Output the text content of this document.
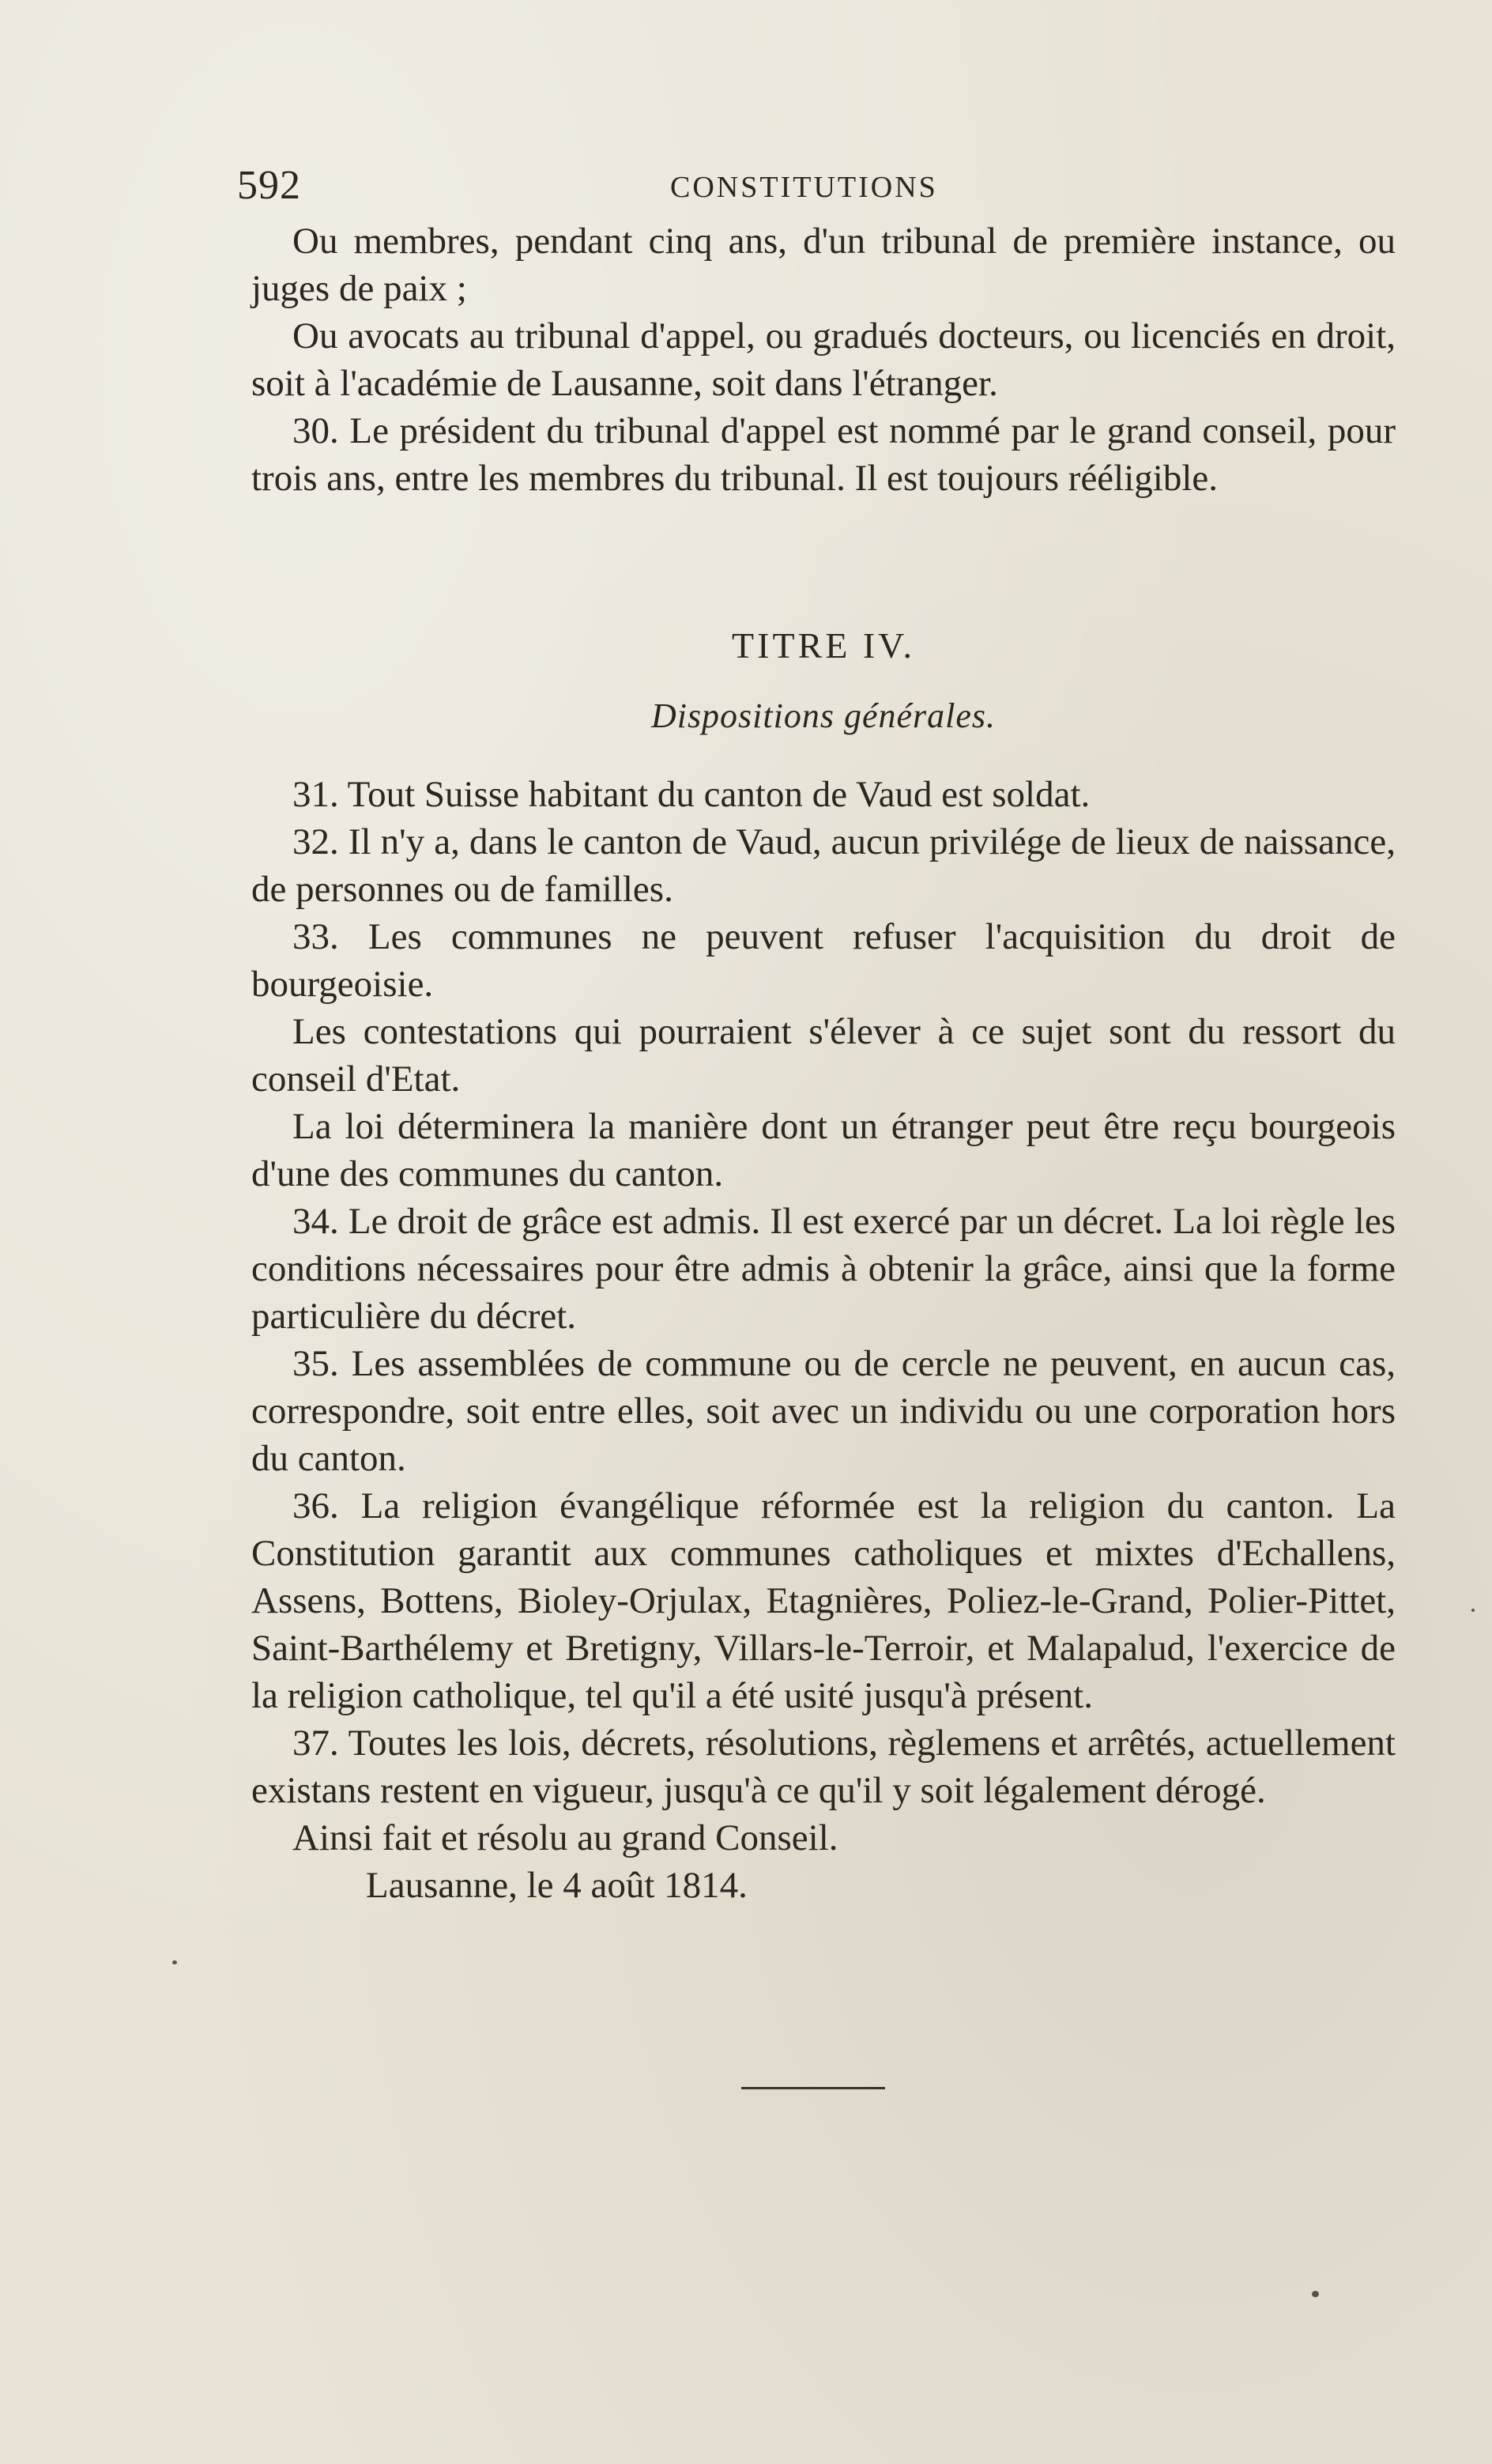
592	CONSTITUTIONS

Ou membres, pendant cinq ans, d'un tribunal de première instance, ou juges de paix ;

Ou avocats au tribunal d'appel, ou gradués docteurs, ou licenciés en droit, soit à l'académie de Lausanne, soit dans l'étranger.

30. Le président du tribunal d'appel est nommé par le grand conseil, pour trois ans, entre les membres du tribunal. Il est toujours rééligible.

TITRE IV.
Dispositions générales.

31. Tout Suisse habitant du canton de Vaud est soldat.

32. Il n'y a, dans le canton de Vaud, aucun privilége de lieux de naissance, de personnes ou de familles.

33. Les communes ne peuvent refuser l'acquisition du droit de bourgeoisie.

Les contestations qui pourraient s'élever à ce sujet sont du ressort du conseil d'Etat.

La loi déterminera la manière dont un étranger peut être reçu bourgeois d'une des communes du canton.

34. Le droit de grâce est admis. Il est exercé par un décret. La loi règle les conditions nécessaires pour être admis à obtenir la grâce, ainsi que la forme particulière du décret.

35. Les assemblées de commune ou de cercle ne peuvent, en aucun cas, correspondre, soit entre elles, soit avec un individu ou une corporation hors du canton.

36. La religion évangélique réformée est la religion du canton. La Constitution garantit aux communes catholiques et mixtes d'Echallens, Assens, Bottens, Bioley-Orjulax, Etagnières, Poliez-le-Grand, Polier-Pittet, Saint-Barthélemy et Bretigny, Villars-le-Terroir, et Malapalud, l'exercice de la religion catholique, tel qu'il a été usité jusqu'à présent.

37. Toutes les lois, décrets, résolutions, règlemens et arrêtés, actuellement existans restent en vigueur, jusqu'à ce qu'il y soit légalement dérogé.

Ainsi fait et résolu au grand Conseil.

Lausanne, le 4 août 1814.
